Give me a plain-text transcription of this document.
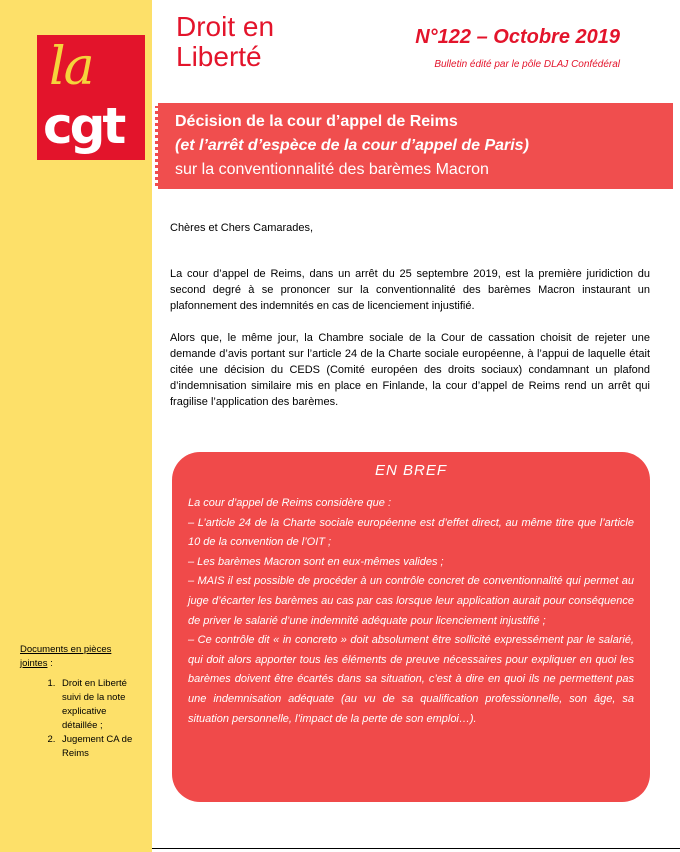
la
cgt
Droit en
Liberté
N°122 – Octobre 2019
Bulletin édité par le pôle DLAJ Confédéral
Décision de la cour d’appel de Reims
(et l’arrêt d’espèce de la cour d’appel de Paris)
sur la conventionnalité des barèmes Macron
Chères et Chers Camarades,
La cour d’appel de Reims, dans un arrêt du 25 septembre 2019, est la première juridiction du second degré à se prononcer sur la conventionnalité des barèmes Macron instaurant un plafonnement des indemnités en cas de licenciement injustifié.
Alors que, le même jour, la Chambre sociale de la Cour de cassation choisit de rejeter une demande d’avis portant sur l’article 24 de la Charte sociale européenne, à l’appui de laquelle était citée une décision du CEDS (Comité européen des droits sociaux) condamnant un plafond d’indemnisation similaire mis en place en Finlande, la cour d’appel de Reims rend un arrêt qui fragilise l’application des barèmes.
EN BREF

La cour d’appel de Reims considère que :

– L’article 24 de la Charte sociale européenne est d’effet direct, au même titre que l’article 10 de la convention de l’OIT ;

– Les barèmes Macron sont en eux-mêmes valides ;

– MAIS il est possible de procéder à un contrôle concret de conventionnalité qui permet au juge d’écarter les barèmes au cas par cas lorsque leur application aurait pour conséquence de priver le salarié d’une indemnité adéquate pour licenciement injustifié ;

– Ce contrôle dit « in concreto » doit absolument être sollicité expressément par le salarié, qui doit alors apporter tous les éléments de preuve nécessaires pour expliquer en quoi les barèmes doivent être écartés dans sa situation, c’est à dire en quoi ils ne permettent pas une indemnisation adéquate (au vu de sa qualification professionnelle, son âge, sa situation personnelle, l’impact de la perte de son emploi…).

Documents en pièces jointes :
1. Droit en Liberté suivi de la note explicative détaillée ;
2. Jugement CA de Reims
